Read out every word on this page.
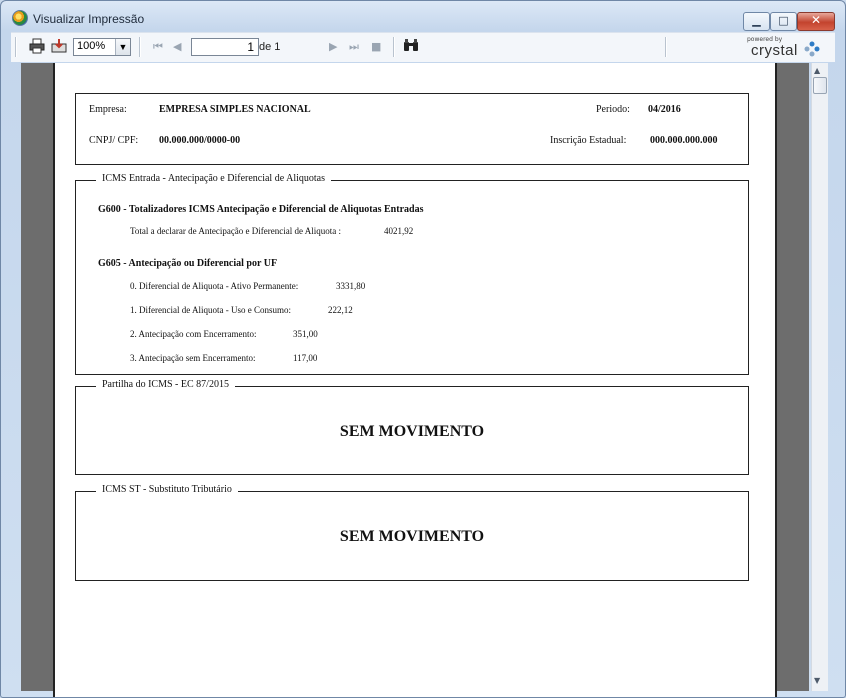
Visualizar Impressão	▁	□	✕
100%	▼ ⏮ ◀	1 de 1	▶ ⏭ ■
powered by
crystal
Empresa:	EMPRESA SIMPLES NACIONAL	Periodo: 04/2016
CNPJ/ CPF: 00.000.000/0000-00	Inscrição Estadual: 000.000.000.000
ICMS Entrada - Antecipação e Diferencial de Aliquotas
G600 - Totalizadores ICMS Antecipação e Diferencial de Aliquotas Entradas
Total a declarar de Antecipação e Diferencial de Aliquota :	4021,92
G605 - Antecipação ou Diferencial por UF
0. Diferencial de Aliquota - Ativo Permanente:	3331,80
1. Diferencial de Aliquota - Uso e Consumo:	222,12
2. Antecipação com Encerramento:	351,00
3. Antecipação sem Encerramento:	117,00
Partilha do ICMS - EC 87/2015
SEM MOVIMENTO
ICMS ST - Substituto Tributário
SEM MOVIMENTO
▲
▼
